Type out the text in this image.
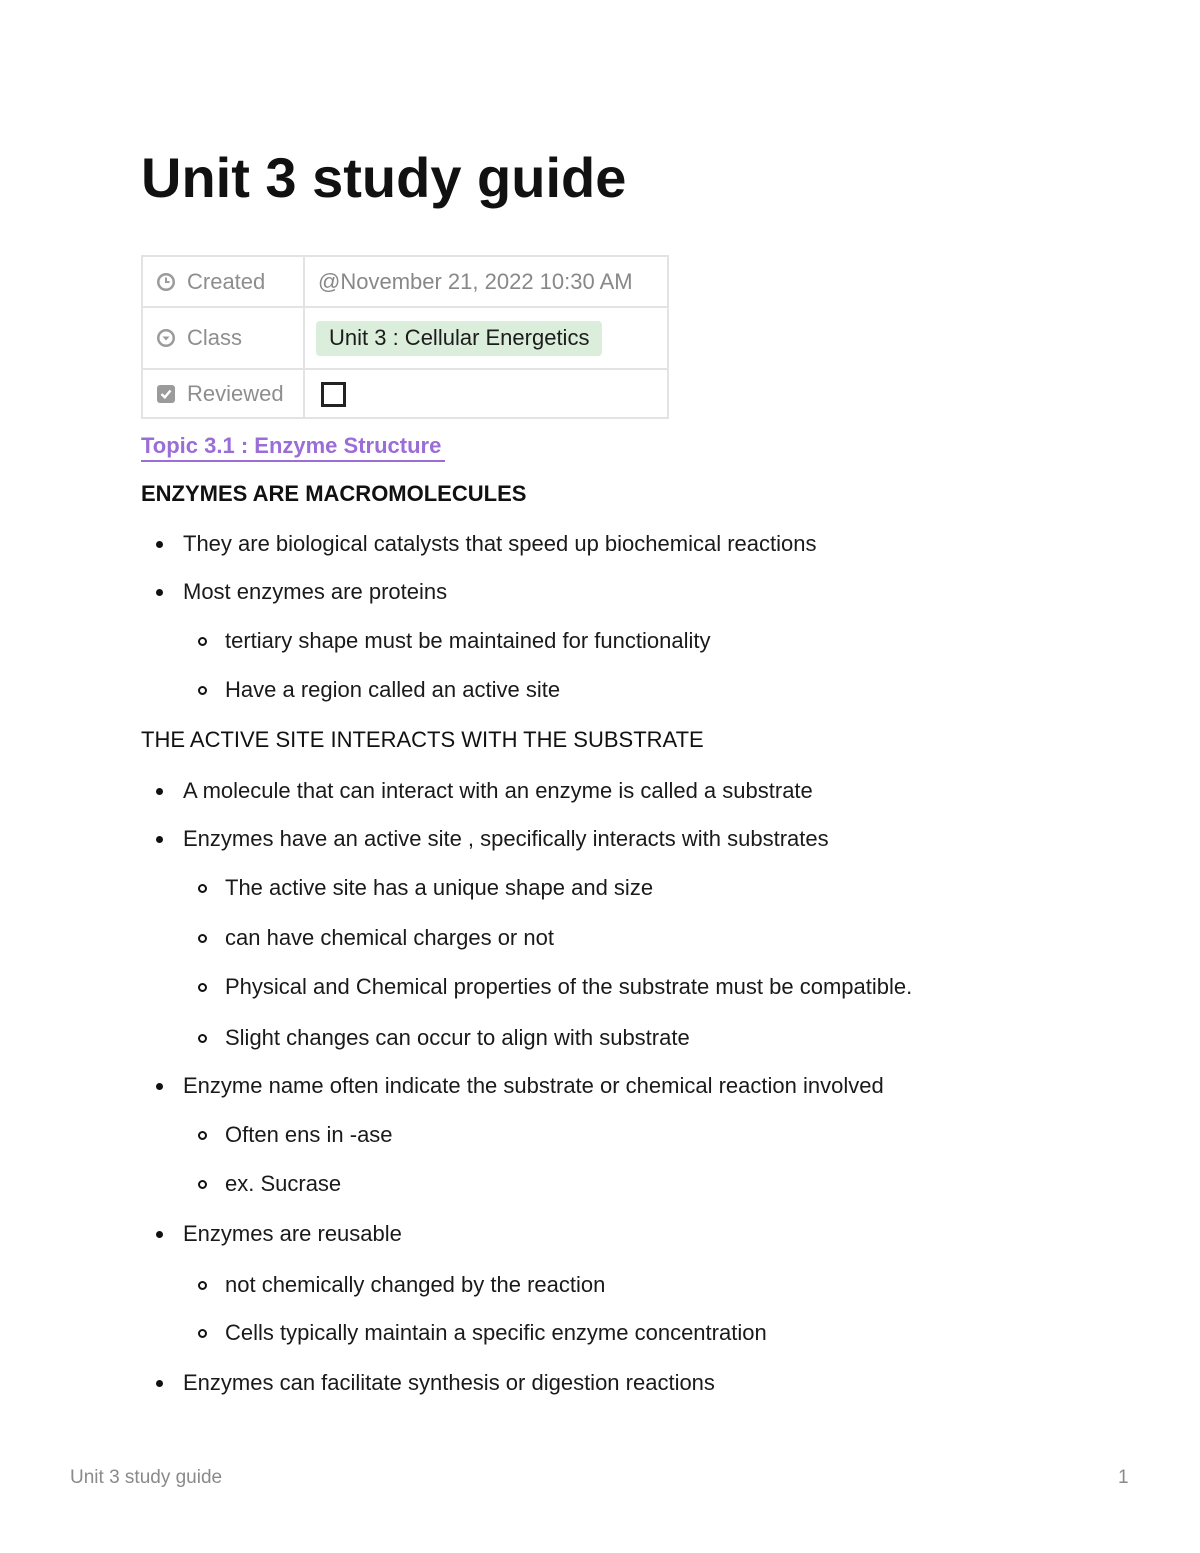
Unit 3 study guide
Created	@November 21, 2022 10:30 AM

Class	Unit 3 : Cellular Energetics

Reviewed	

Topic 3.1 : Enzyme Structure
ENZYMES ARE MACROMOLECULES
They are biological catalysts that speed up biochemical reactions
Most enzymes are proteins
tertiary shape must be maintained for functionality
Have a region called an active site
THE ACTIVE SITE INTERACTS WITH THE SUBSTRATE
A molecule that can interact with an enzyme is called a substrate
Enzymes have an active site , specifically interacts with substrates
The active site has a unique shape and size
can have chemical charges or not
Physical and Chemical properties of the substrate must be compatible.
Slight changes can occur to align with substrate
Enzyme name often indicate the substrate or chemical reaction involved
Often ens in -ase
ex. Sucrase
Enzymes are reusable
not chemically changed by the reaction
Cells typically maintain a specific enzyme concentration
Enzymes can facilitate synthesis or digestion reactions
Unit 3 study guide	1
